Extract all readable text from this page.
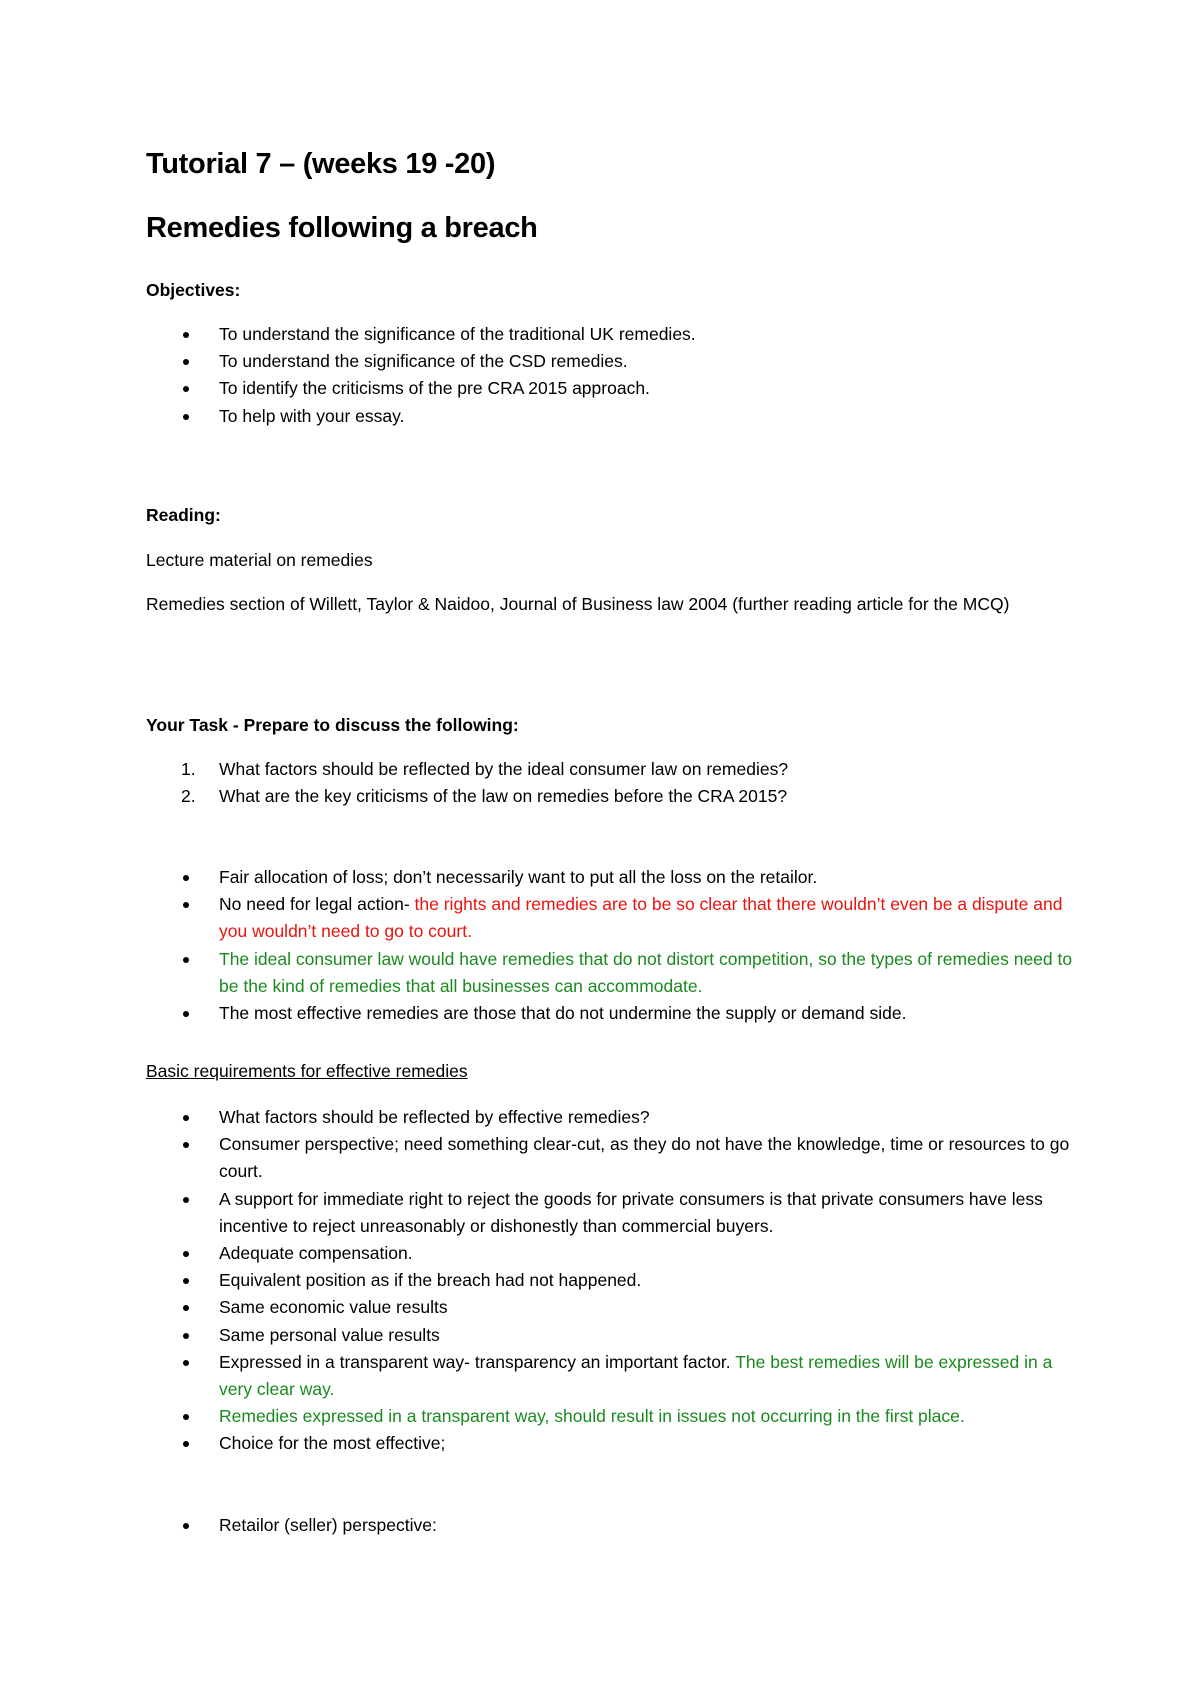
Tutorial 7 – (weeks 19 -20)
Remedies following a breach
Objectives:
To understand the significance of the traditional UK remedies.
To understand the significance of the CSD remedies.
To identify the criticisms of the pre CRA 2015 approach.
To help with your essay.
Reading:
Lecture material on remedies
Remedies section of Willett, Taylor & Naidoo, Journal of Business law 2004 (further reading article for the MCQ)
Your Task - Prepare to discuss the following:
1.	What factors should be reflected by the ideal consumer law on remedies?
2.	What are the key criticisms of the law on remedies before the CRA 2015?
Fair allocation of loss; don’t necessarily want to put all the loss on the retailor.
No need for legal action- the rights and remedies are to be so clear that there wouldn’t even be a dispute and you wouldn’t need to go to court.
The ideal consumer law would have remedies that do not distort competition, so the types of remedies need to be the kind of remedies that all businesses can accommodate.
The most effective remedies are those that do not undermine the supply or demand side.
Basic requirements for effective remedies
What factors should be reflected by effective remedies?
Consumer perspective; need something clear-cut, as they do not have the knowledge, time or resources to go court.
A support for immediate right to reject the goods for private consumers is that private consumers have less incentive to reject unreasonably or dishonestly than commercial buyers.
Adequate compensation.
Equivalent position as if the breach had not happened.
Same economic value results
Same personal value results
Expressed in a transparent way- transparency an important factor. The best remedies will be expressed in a very clear way.
Remedies expressed in a transparent way, should result in issues not occurring in the first place.
Choice for the most effective;
Retailor (seller) perspective:
